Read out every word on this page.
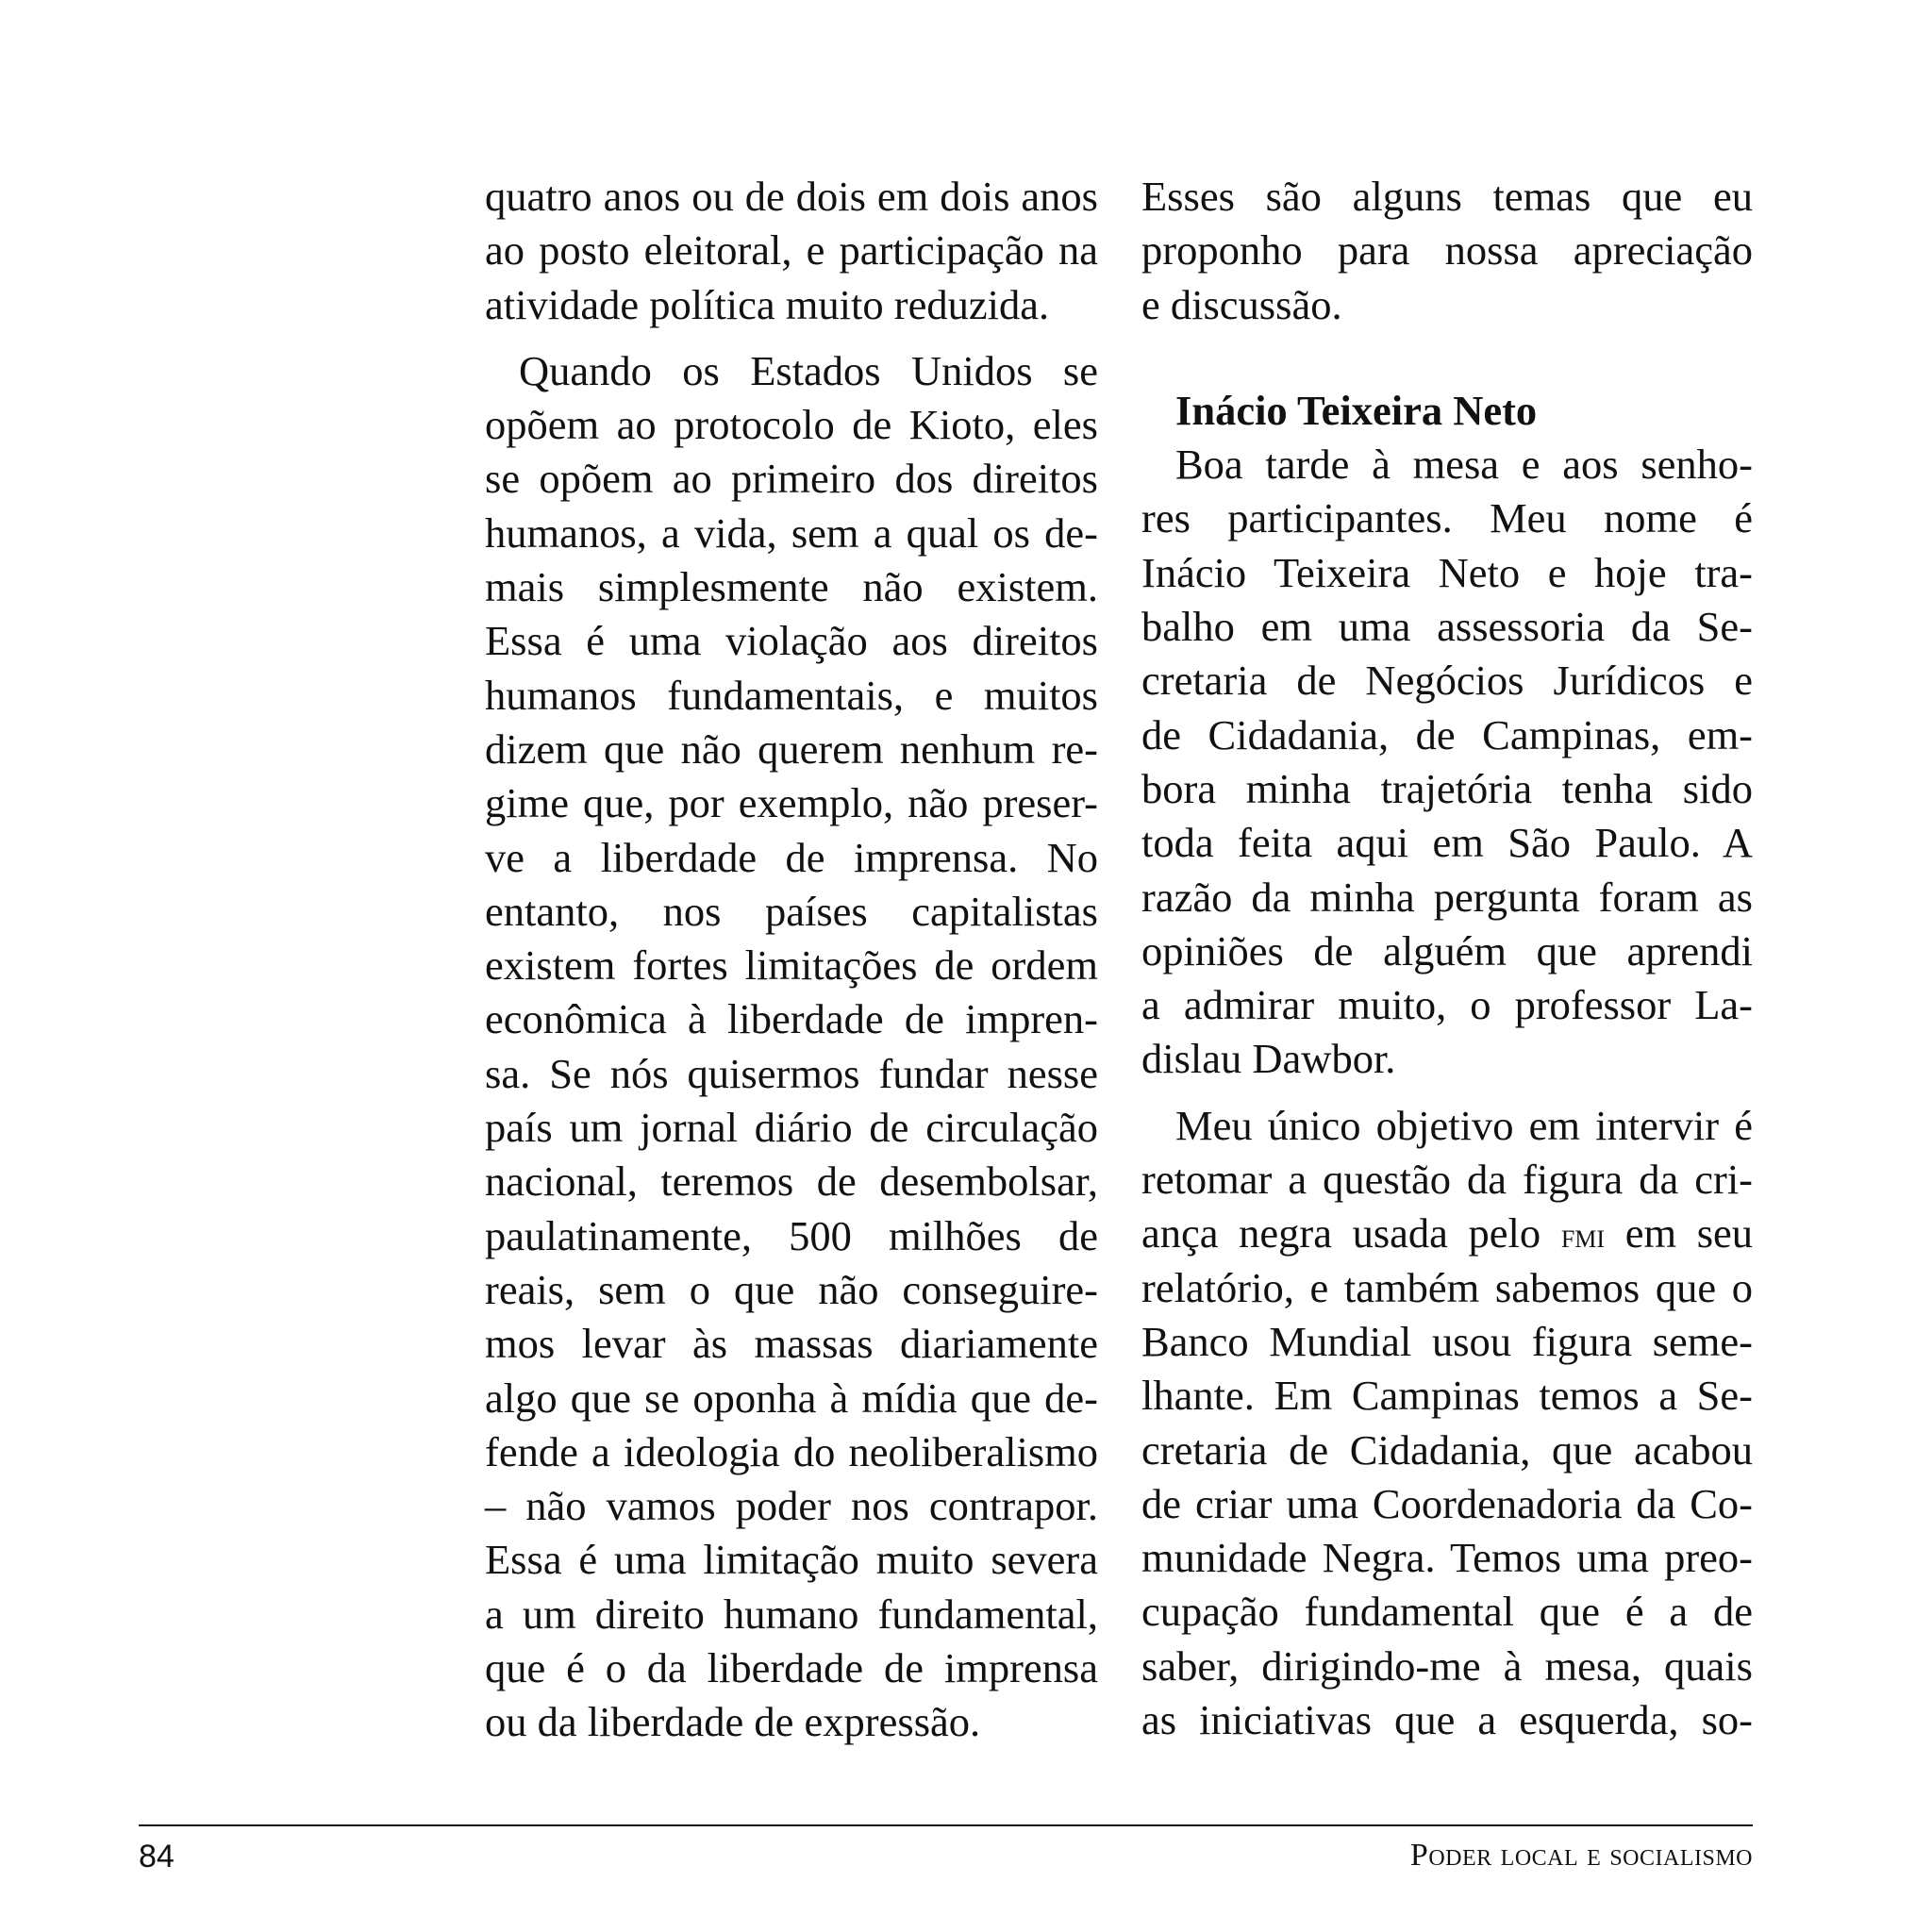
quatro anos ou de dois em dois anos
ao posto eleitoral, e participação na
atividade política muito reduzida.
Quando os Estados Unidos se
opõem ao protocolo de Kioto, eles
se opõem ao primeiro dos direitos
humanos, a vida, sem a qual os de-
mais simplesmente não existem.
Essa é uma violação aos direitos
humanos fundamentais, e muitos
dizem que não querem nenhum re-
gime que, por exemplo, não preser-
ve a liberdade de imprensa. No
entanto, nos países capitalistas
existem fortes limitações de ordem
econômica à liberdade de impren-
sa. Se nós quisermos fundar nesse
país um jornal diário de circulação
nacional, teremos de desembolsar,
paulatinamente, 500 milhões de
reais, sem o que não conseguire-
mos levar às massas diariamente
algo que se oponha à mídia que de-
fende a ideologia do neoliberalismo
– não vamos poder nos contrapor.
Essa é uma limitação muito severa
a um direito humano fundamental,
que é o da liberdade de imprensa
ou da liberdade de expressão.
Esses são alguns temas que eu
proponho para nossa apreciação
e discussão.
Inácio Teixeira Neto
Boa tarde à mesa e aos senho-
res participantes. Meu nome é
Inácio Teixeira Neto e hoje tra-
balho em uma assessoria da Se-
cretaria de Negócios Jurídicos e
de Cidadania, de Campinas, em-
bora minha trajetória tenha sido
toda feita aqui em São Paulo. A
razão da minha pergunta foram as
opiniões de alguém que aprendi
a admirar muito, o professor La-
dislau Dawbor.
Meu único objetivo em intervir é
retomar a questão da figura da cri-
ança negra usada pelo fmi em seu
relatório, e também sabemos que o
Banco Mundial usou figura seme-
lhante. Em Campinas temos a Se-
cretaria de Cidadania, que acabou
de criar uma Coordenadoria da Co-
munidade Negra. Temos uma preo-
cupação fundamental que é a de
saber, dirigindo-me à mesa, quais
as iniciativas que a esquerda, so-
84	Poder local e socialismo
